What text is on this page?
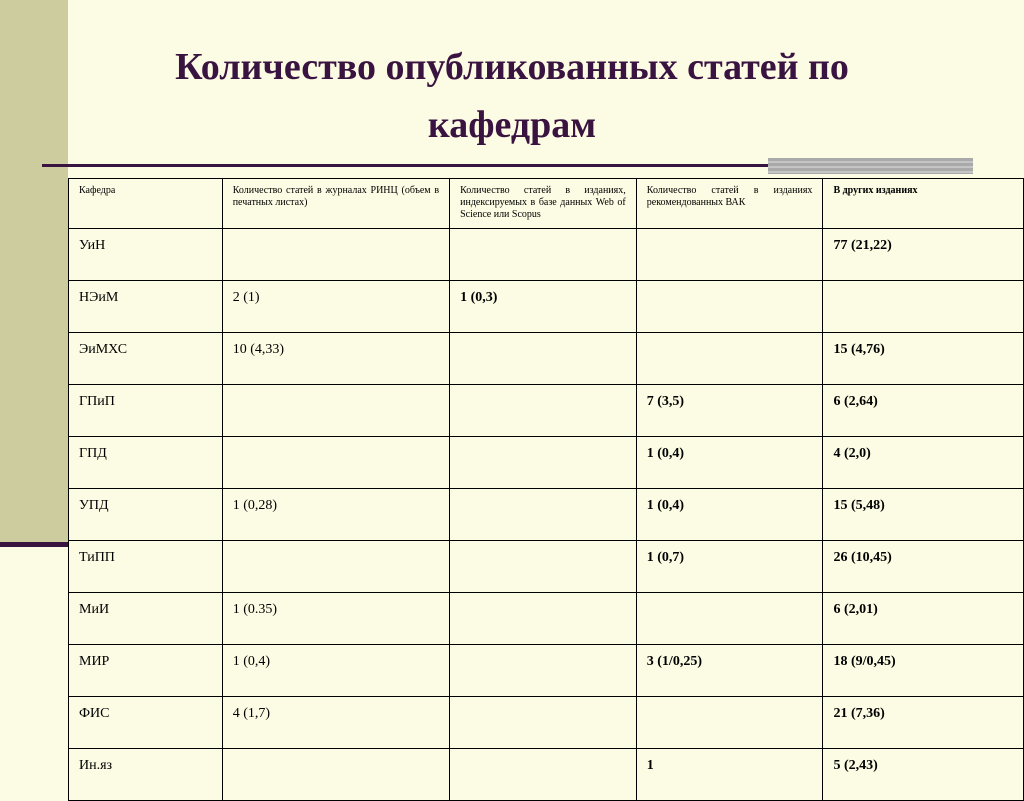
Количество опубликованных статей по
кафедрам
Кафедра	Количество статей в журналах РИНЦ (объем в печатных листах)	Количество статей в изданиях, индексируемых в базе данных Web of Science или Scopus	Количество статей в изданиях рекомендованных ВАК	В других изданиях
УиН				77 (21,22)
НЭиМ	2 (1)	1 (0,3)		
ЭиМХС	10 (4,33)			15 (4,76)
ГПиП			7 (3,5)	6 (2,64)
ГПД			1 (0,4)	4 (2,0)
УПД	1 (0,28)		1 (0,4)	15 (5,48)
ТиПП			1 (0,7)	26 (10,45)
МиИ	1 (0.35)			6 (2,01)
МИР	1 (0,4)		3 (1/0,25)	18 (9/0,45)
ФИС	4 (1,7)			21 (7,36)
Ин.яз			1	5 (2,43)
